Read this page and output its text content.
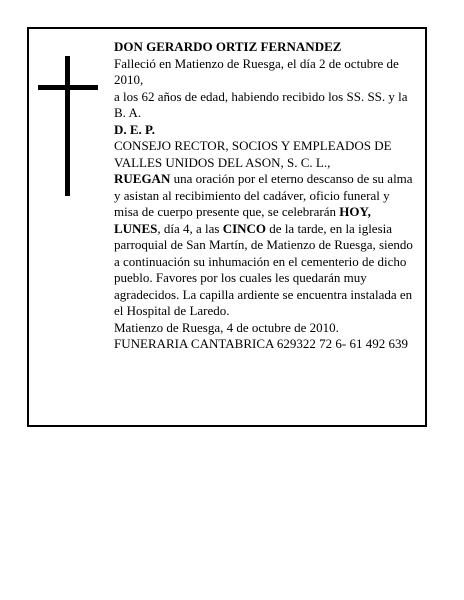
DON GERARDO ORTIZ FERNANDEZ

Falleció en Matienzo de Ruesga, el día 2 de octubre de 2010,

a los 62 años de edad, habiendo recibido los SS. SS. y la B. A.

D. E. P.

CONSEJO RECTOR, SOCIOS Y EMPLEADOS DE VALLES UNIDOS DEL ASON, S. C. L.,

RUEGAN una oración por el eterno descanso de su alma y asistan al recibimiento del cadáver, oficio funeral y misa de cuerpo presente que, se celebrarán HOY, LUNES, día 4, a las CINCO de la tarde, en la iglesia parroquial de San Martín, de Matienzo de Ruesga, siendo a continuación su inhumación en el cementerio de dicho pueblo. Favores por los cuales les quedarán muy agradecidos. La capilla ardiente se encuentra instalada en el Hospital de Laredo.

Matienzo de Ruesga, 4 de octubre de 2010.

FUNERARIA CANTABRICA 629322 72 6- 61 492 639
